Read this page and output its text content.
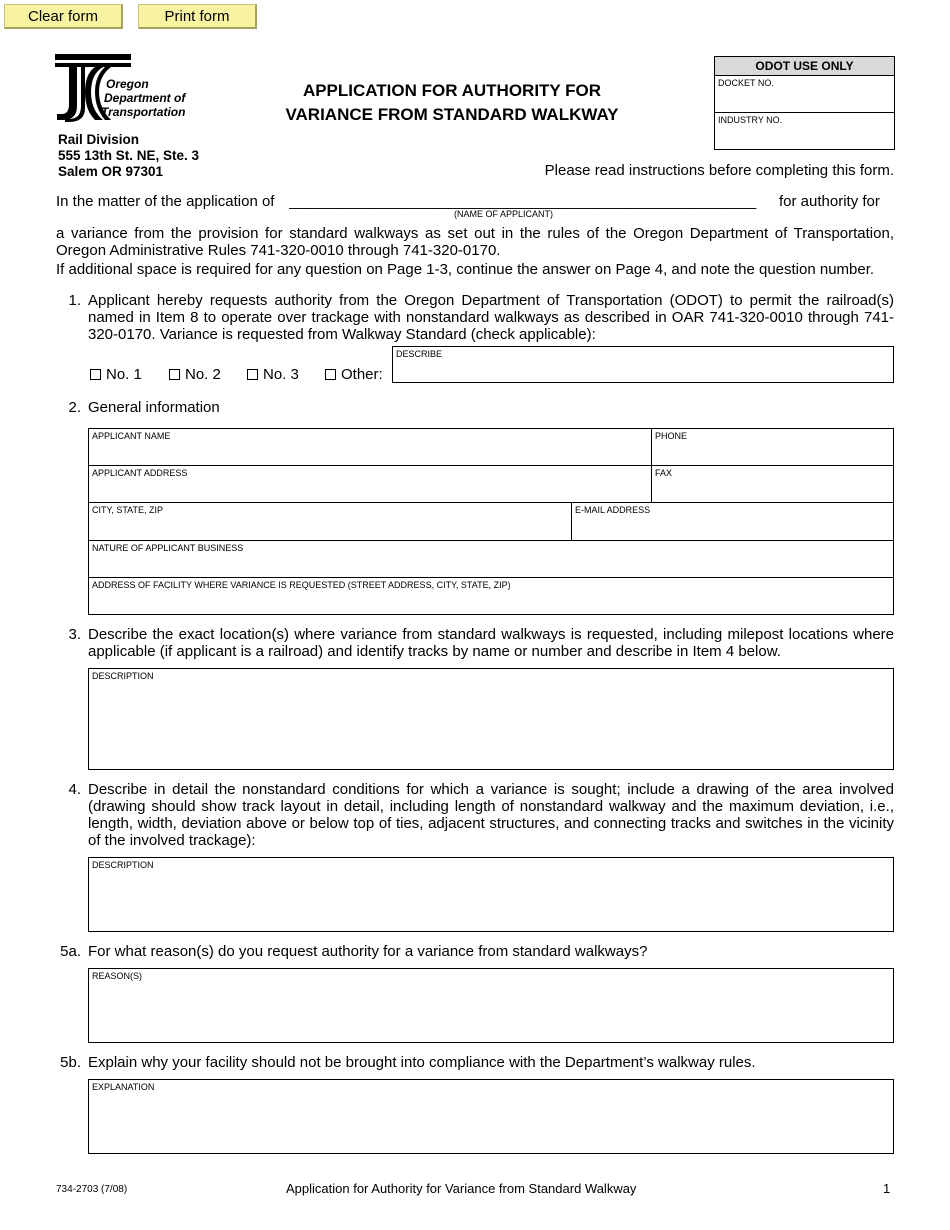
Clear form	Print form
Oregon
Department of
Transportation
Rail Division
555 13th St. NE, Ste. 3
Salem OR 97301
APPLICATION FOR AUTHORITY FOR
VARIANCE FROM STANDARD WALKWAY
ODOT USE ONLY
DOCKET NO.
INDUSTRY NO.
Please read instructions before completing this form.
In the matter of the application of ________________________________________________________	for authority for
(NAME OF APPLICANT)
a variance from the provision for standard walkways as set out in the rules of the Oregon Department of Transportation, Oregon Administrative Rules 741-320-0010 through 741-320-0170.
If additional space is required for any question on Page 1-3, continue the answer on Page 4, and note the question number.
1. Applicant hereby requests authority from the Oregon Department of Transportation (ODOT) to permit the railroad(s) named in Item 8 to operate over trackage with nonstandard walkways as described in OAR 741-320-0010 through 741-320-0170. Variance is requested from Walkway Standard (check applicable):
No. 1	No. 2	No. 3	Other:
DESCRIBE
2. General information
APPLICANT NAME	PHONE
APPLICANT ADDRESS	FAX
CITY, STATE, ZIP	E-MAIL ADDRESS
NATURE OF APPLICANT BUSINESS
ADDRESS OF FACILITY WHERE VARIANCE IS REQUESTED (STREET ADDRESS, CITY, STATE, ZIP)
3. Describe the exact location(s) where variance from standard walkways is requested, including milepost locations where applicable (if applicant is a railroad) and identify tracks by name or number and describe in Item 4 below.
DESCRIPTION
4. Describe in detail the nonstandard conditions for which a variance is sought; include a drawing of the area involved (drawing should show track layout in detail, including length of nonstandard walkway and the maximum deviation, i.e., length, width, deviation above or below top of ties, adjacent structures, and connecting tracks and switches in the vicinity of the involved trackage):
DESCRIPTION
5a. For what reason(s) do you request authority for a variance from standard walkways?
REASON(S)
5b. Explain why your facility should not be brought into compliance with the Department’s walkway rules.
EXPLANATION
734-2703 (7/08)	Application for Authority for Variance from Standard Walkway	1
